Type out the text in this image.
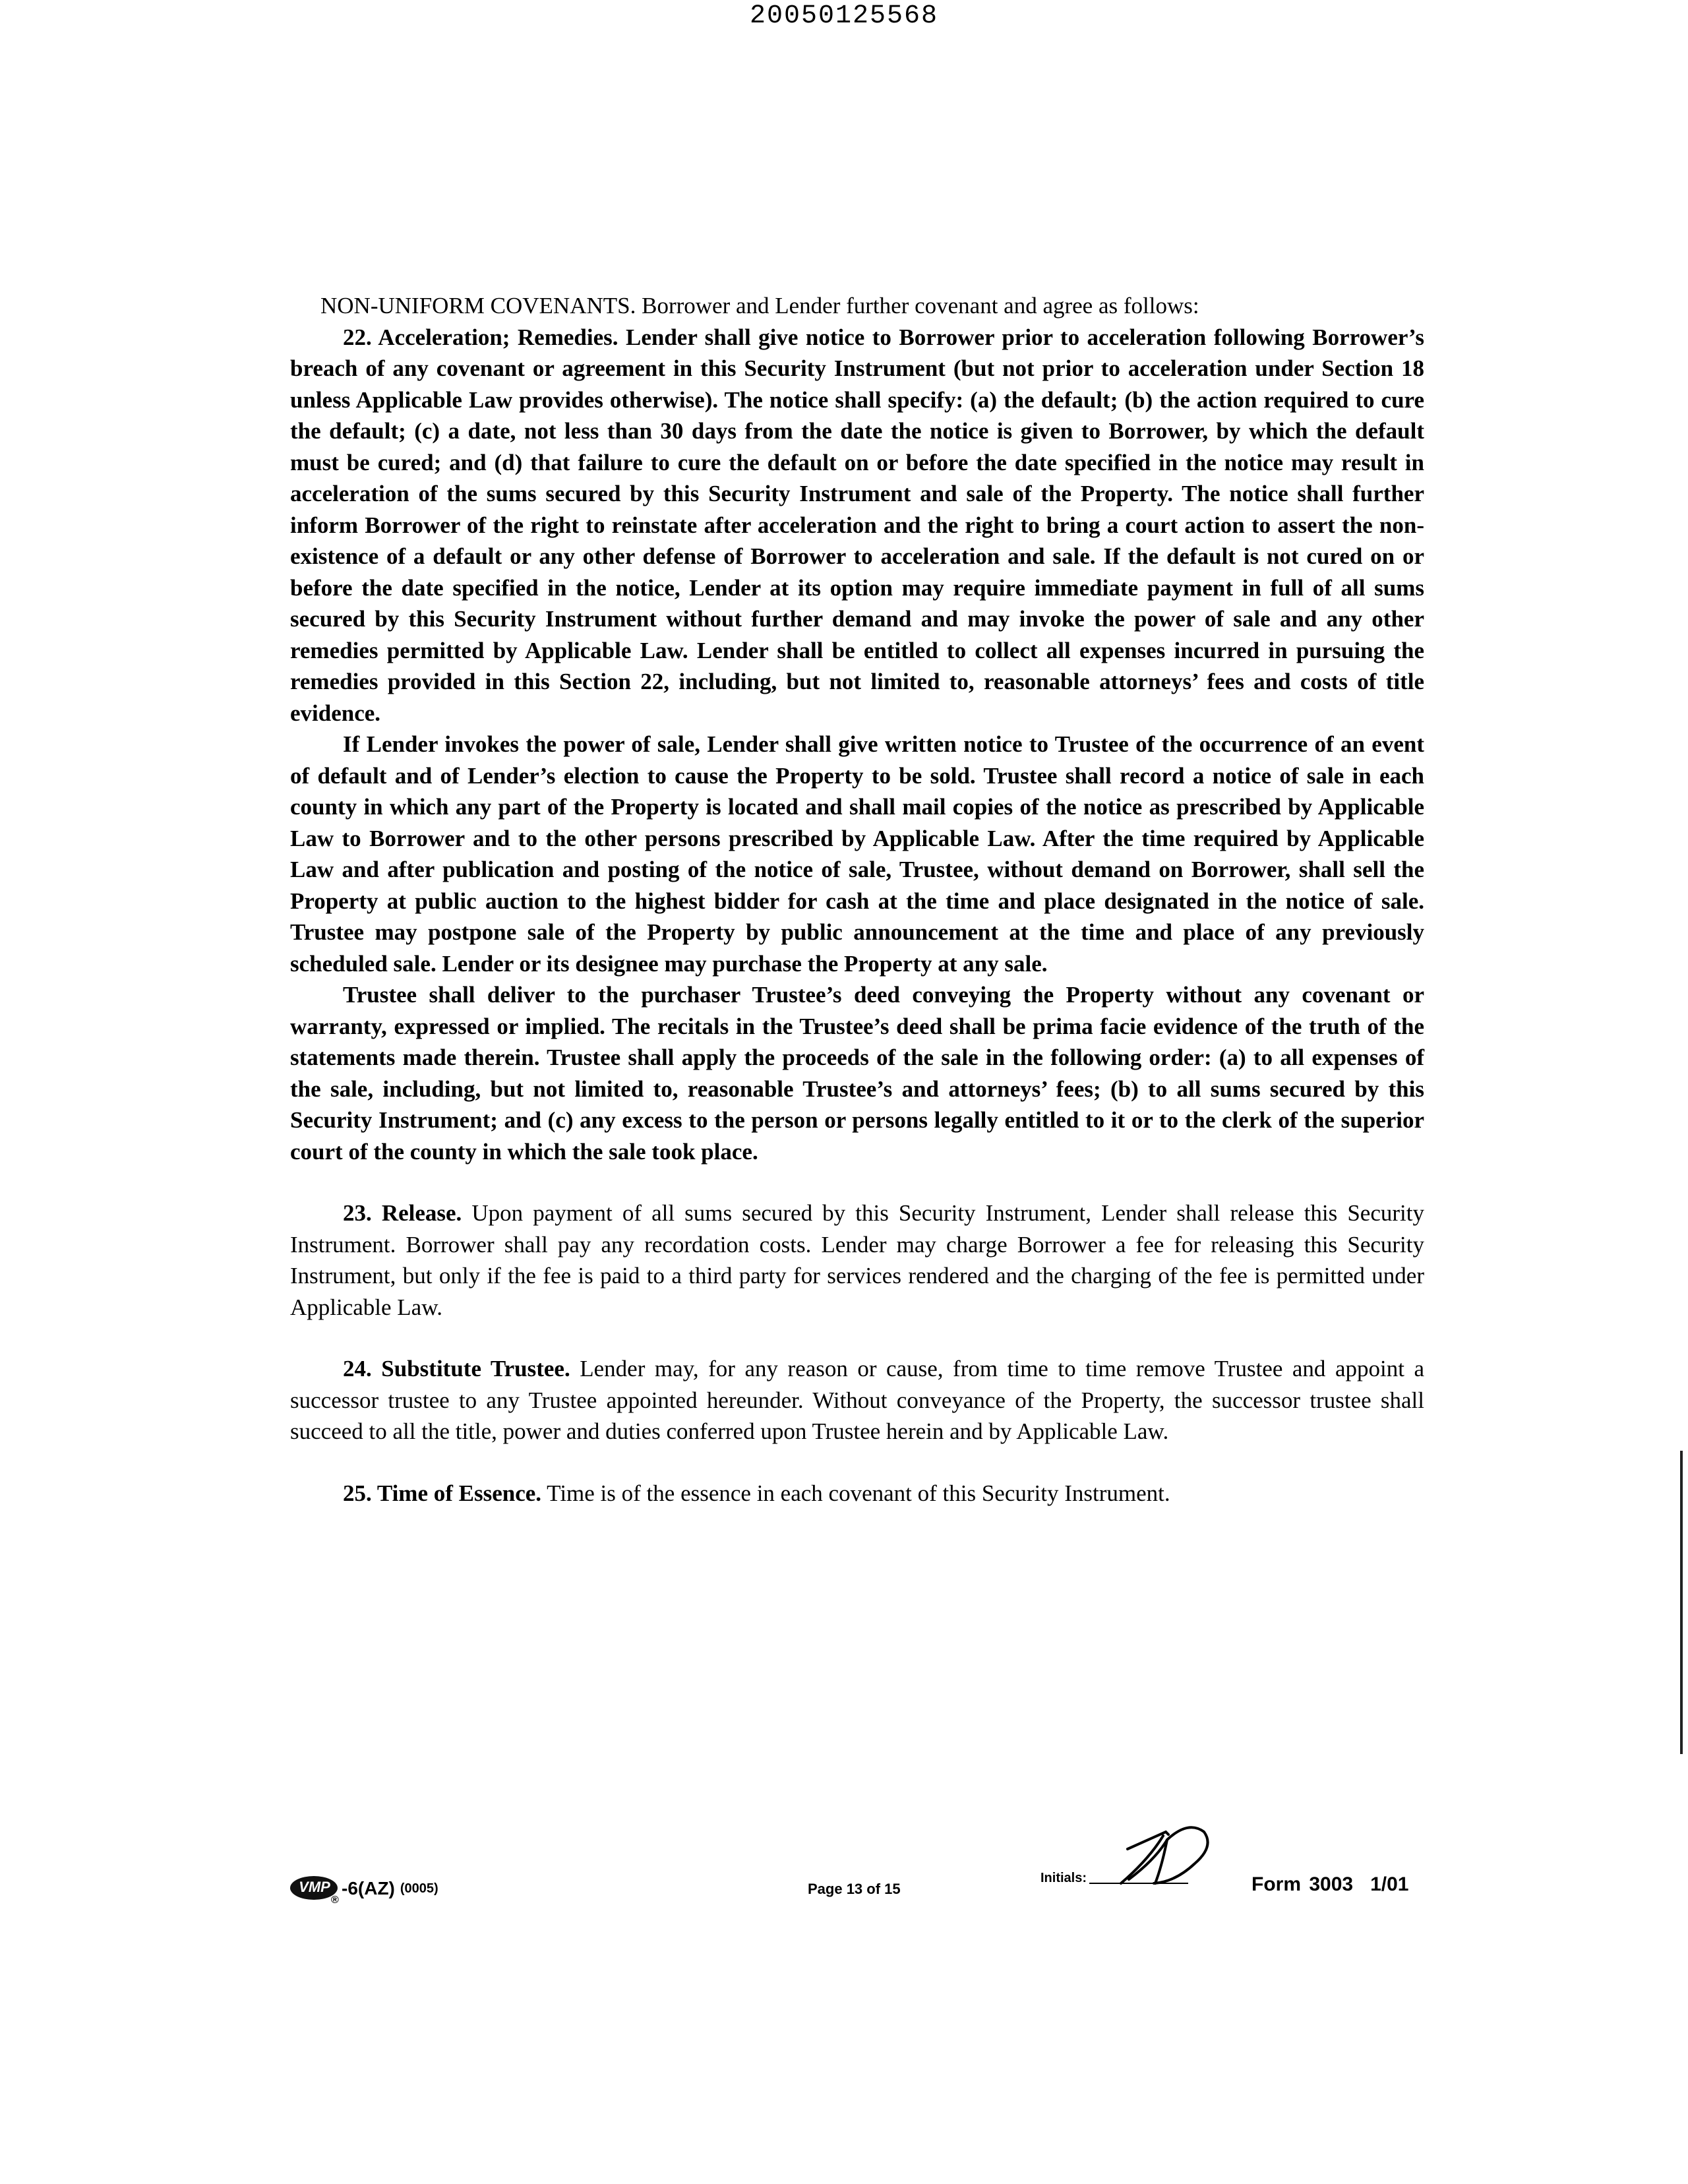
20050125568

NON-UNIFORM COVENANTS. Borrower and Lender further covenant and agree as follows:

22. Acceleration; Remedies. Lender shall give notice to Borrower prior to acceleration following Borrower’s breach of any covenant or agreement in this Security Instrument (but not prior to acceleration under Section 18 unless Applicable Law provides otherwise). The notice shall specify: (a) the default; (b) the action required to cure the default; (c) a date, not less than 30 days from the date the notice is given to Borrower, by which the default must be cured; and (d) that failure to cure the default on or before the date specified in the notice may result in acceleration of the sums secured by this Security Instrument and sale of the Property. The notice shall further inform Borrower of the right to reinstate after acceleration and the right to bring a court action to assert the non-existence of a default or any other defense of Borrower to acceleration and sale. If the default is not cured on or before the date specified in the notice, Lender at its option may require immediate payment in full of all sums secured by this Security Instrument without further demand and may invoke the power of sale and any other remedies permitted by Applicable Law. Lender shall be entitled to collect all expenses incurred in pursuing the remedies provided in this Section 22, including, but not limited to, reasonable attorneys’ fees and costs of title evidence.

If Lender invokes the power of sale, Lender shall give written notice to Trustee of the occurrence of an event of default and of Lender’s election to cause the Property to be sold. Trustee shall record a notice of sale in each county in which any part of the Property is located and shall mail copies of the notice as prescribed by Applicable Law to Borrower and to the other persons prescribed by Applicable Law. After the time required by Applicable Law and after publication and posting of the notice of sale, Trustee, without demand on Borrower, shall sell the Property at public auction to the highest bidder for cash at the time and place designated in the notice of sale. Trustee may postpone sale of the Property by public announcement at the time and place of any previously scheduled sale. Lender or its designee may purchase the Property at any sale.

Trustee shall deliver to the purchaser Trustee’s deed conveying the Property without any covenant or warranty, expressed or implied. The recitals in the Trustee’s deed shall be prima facie evidence of the truth of the statements made therein. Trustee shall apply the proceeds of the sale in the following order: (a) to all expenses of the sale, including, but not limited to, reasonable Trustee’s and attorneys’ fees; (b) to all sums secured by this Security Instrument; and (c) any excess to the person or persons legally entitled to it or to the clerk of the superior court of the county in which the sale took place.

23. Release. Upon payment of all sums secured by this Security Instrument, Lender shall release this Security Instrument. Borrower shall pay any recordation costs. Lender may charge Borrower a fee for releasing this Security Instrument, but only if the fee is paid to a third party for services rendered and the charging of the fee is permitted under Applicable Law.

24. Substitute Trustee. Lender may, for any reason or cause, from time to time remove Trustee and appoint a successor trustee to any Trustee appointed hereunder. Without conveyance of the Property, the successor trustee shall succeed to all the title, power and duties conferred upon Trustee herein and by Applicable Law.

25. Time of Essence. Time is of the essence in each covenant of this Security Instrument.

VMP
®
-6(AZ) (0005)	Page 13 of 15
Initials:	Form 3003 1/01
